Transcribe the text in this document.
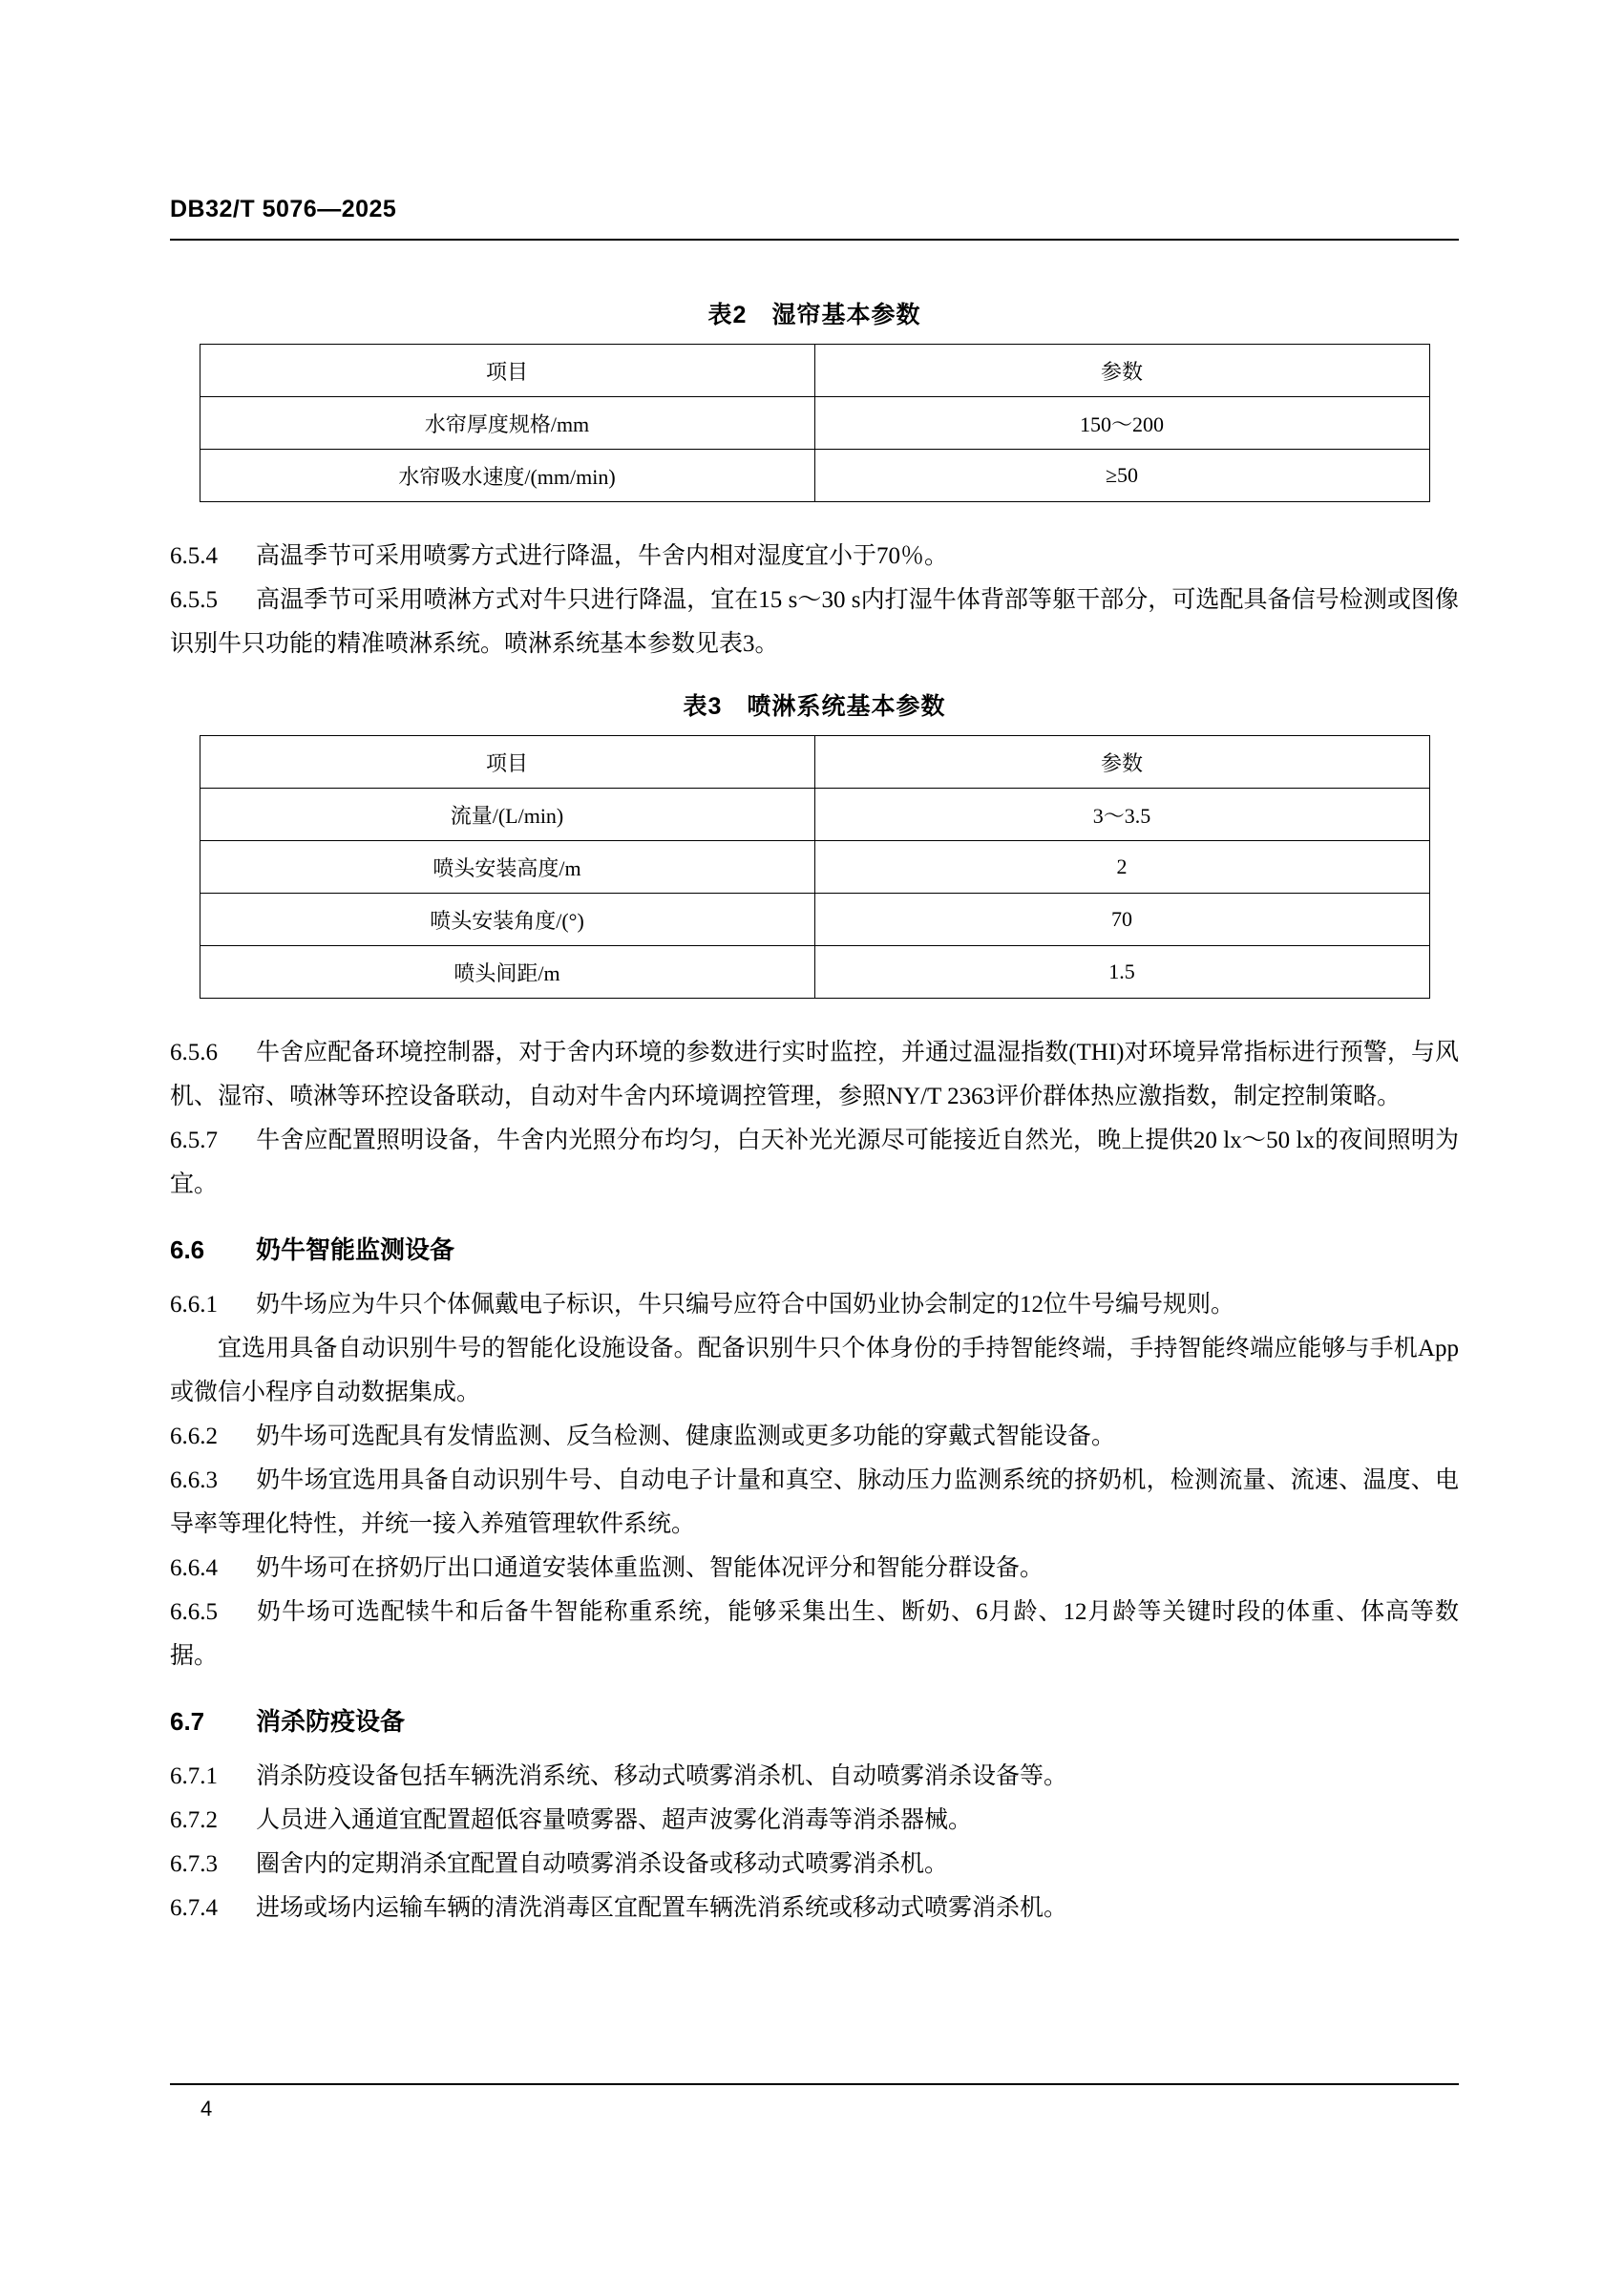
DB32/T 5076—2025

表2　湿帘基本参数

项目	参数
水帘厚度规格/mm	150～200
水帘吸水速度/(mm/min)	≥50

6.5.4 高温季节可采用喷雾方式进行降温，牛舍内相对湿度宜小于70％。

6.5.5 高温季节可采用喷淋方式对牛只进行降温，宜在15 s～30 s内打湿牛体背部等躯干部分，可选配具备信号检测或图像识别牛只功能的精准喷淋系统。喷淋系统基本参数见表3。

表3　喷淋系统基本参数

项目	参数
流量/(L/min)	3～3.5
喷头安装高度/m	2
喷头安装角度/(°)	70
喷头间距/m	1.5

6.5.6 牛舍应配备环境控制器，对于舍内环境的参数进行实时监控，并通过温湿指数(THI)对环境异常指标进行预警，与风机、湿帘、喷淋等环控设备联动，自动对牛舍内环境调控管理，参照NY/T 2363评价群体热应激指数，制定控制策略。

6.5.7 牛舍应配置照明设备，牛舍内光照分布均匀，白天补光光源尽可能接近自然光，晚上提供20 lx～50 lx的夜间照明为宜。

6.6 奶牛智能监测设备

6.6.1 奶牛场应为牛只个体佩戴电子标识，牛只编号应符合中国奶业协会制定的12位牛号编号规则。

宜选用具备自动识别牛号的智能化设施设备。配备识别牛只个体身份的手持智能终端，手持智能终端应能够与手机App或微信小程序自动数据集成。

6.6.2 奶牛场可选配具有发情监测、反刍检测、健康监测或更多功能的穿戴式智能设备。

6.6.3 奶牛场宜选用具备自动识别牛号、自动电子计量和真空、脉动压力监测系统的挤奶机，检测流量、流速、温度、电导率等理化特性，并统一接入养殖管理软件系统。

6.6.4 奶牛场可在挤奶厅出口通道安装体重监测、智能体况评分和智能分群设备。

6.6.5 奶牛场可选配犊牛和后备牛智能称重系统，能够采集出生、断奶、6月龄、12月龄等关键时段的体重、体高等数据。

6.7 消杀防疫设备

6.7.1 消杀防疫设备包括车辆洗消系统、移动式喷雾消杀机、自动喷雾消杀设备等。

6.7.2 人员进入通道宜配置超低容量喷雾器、超声波雾化消毒等消杀器械。

6.7.3 圈舍内的定期消杀宜配置自动喷雾消杀设备或移动式喷雾消杀机。

6.7.4 进场或场内运输车辆的清洗消毒区宜配置车辆洗消系统或移动式喷雾消杀机。

4
